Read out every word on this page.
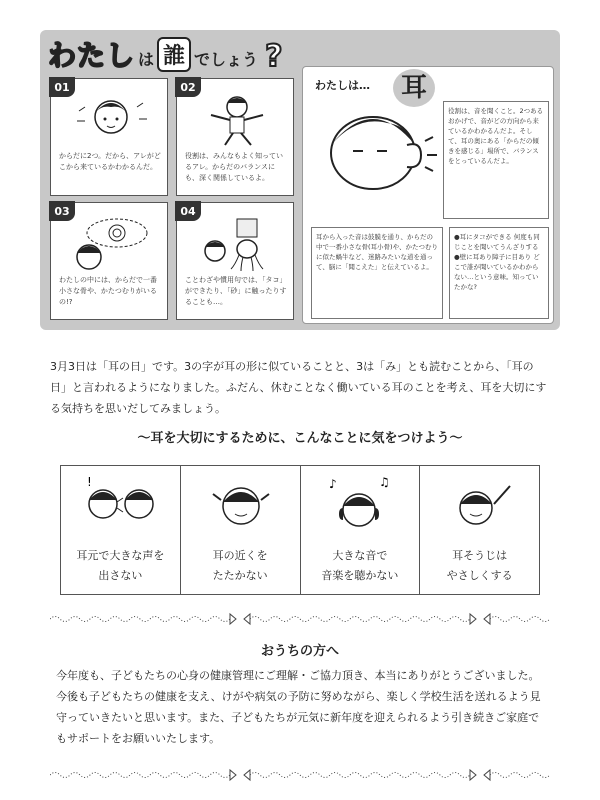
わたし は 誰 でしょう ?
01
からだに2つ。だから、アレがどこから来ているかわかるんだ。
02
役割は、みんなもよく知っているアレ。からだのバランスにも、深く関係しているよ。
03
わたしの中には、からだで一番小さな骨や、かたつむりがいるの!?
04
ことわざや慣用句では、「タコ」ができたり、「砂」に触ったりすることも…。
わたしは…	耳
役割は、音を聞くこと。2つあるおかげで、音がどの方向から来ているかわかるんだよ。そして、耳の奥にある「からだの傾きを感じる」場所で、バランスをとっているんだよ。
耳から入った音は鼓膜を通り、からだの中で一番小さな骨(耳小骨)や、かたつむりに似た蝸牛など、迷路みたいな道を通って、脳に「聞こえた」と伝えているよ。
●耳にタコができる 何度も同じことを聞いてうんざりする ●壁に耳あり障子に目あり どこで誰が聞いているかわからない…という意味。知っていたかな?
3月3日は「耳の日」です。3の字が耳の形に似ていることと、3は「み」とも読むことから、「耳の日」と言われるようになりました。ふだん、休むことなく働いている耳のことを考え、耳を大切にする気持ちを思いだしてみましょう。
～耳を大切にするために、こんなことに気をつけよう～
!
耳元で大きな声を
出さない
耳の近くを
たたかない
♪	♫
大きな音で
音楽を聴かない
耳そうじは
やさしくする
おうちの方へ
今年度も、子どもたちの心身の健康管理にご理解・ご協力頂き、本当にありがとうございました。今後も子どもたちの健康を支え、けがや病気の予防に努めながら、楽しく学校生活を送れるよう見守っていきたいと思います。また、子どもたちが元気に新年度を迎えられるよう引き続きご家庭でもサポートをお願いいたします。
